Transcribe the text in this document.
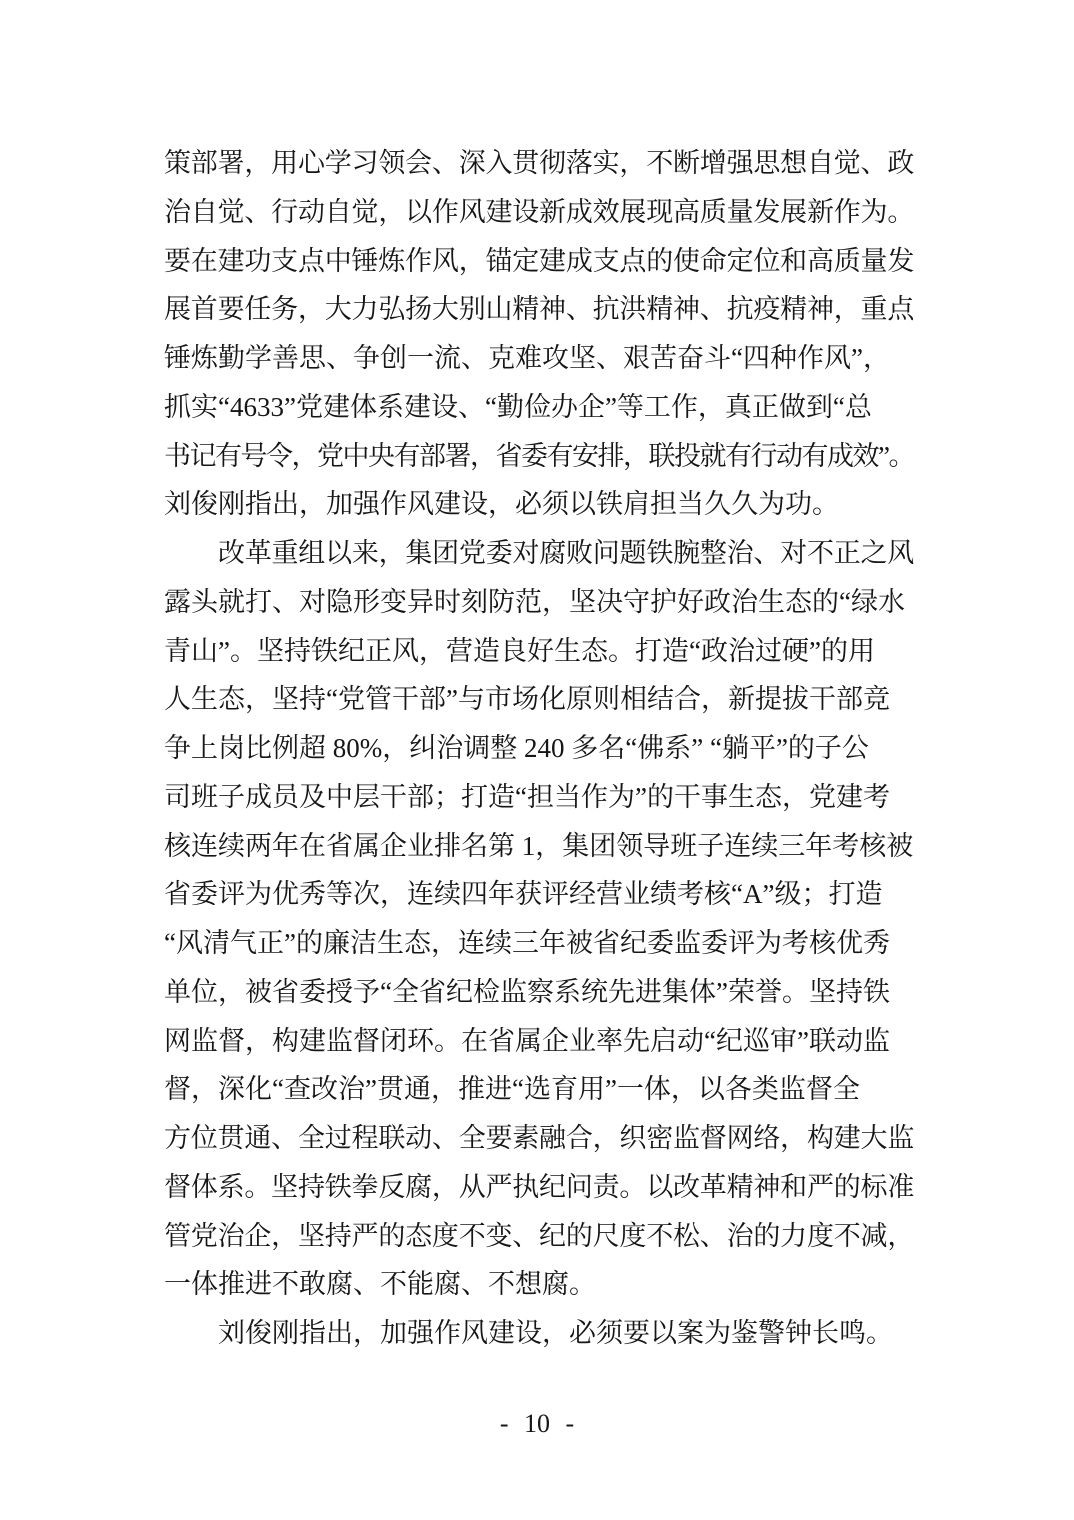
策部署，用心学习领会、深入贯彻落实，不断增强思想自觉、政
治自觉、行动自觉，以作风建设新成效展现高质量发展新作为。
要在建功支点中锤炼作风，锚定建成支点的使命定位和高质量发
展首要任务，大力弘扬大别山精神、抗洪精神、抗疫精神，重点
锤炼勤学善思、争创一流、克难攻坚、艰苦奋斗“四种作风”，
抓实“4633”党建体系建设、“勤俭办企”等工作，真正做到“总
书记有号令，党中央有部署，省委有安排，联投就有行动有成效”。
刘俊刚指出，加强作风建设，必须以铁肩担当久久为功。
改革重组以来，集团党委对腐败问题铁腕整治、对不正之风
露头就打、对隐形变异时刻防范，坚决守护好政治生态的“绿水
青山”。坚持铁纪正风，营造良好生态。打造“政治过硬”的用
人生态，坚持“党管干部”与市场化原则相结合，新提拔干部竞
争上岗比例超 80%，纠治调整 240 多名“佛系” “躺平”的子公
司班子成员及中层干部；打造“担当作为”的干事生态，党建考
核连续两年在省属企业排名第 1，集团领导班子连续三年考核被
省委评为优秀等次，连续四年获评经营业绩考核“A”级；打造
“风清气正”的廉洁生态，连续三年被省纪委监委评为考核优秀
单位，被省委授予“全省纪检监察系统先进集体”荣誉。坚持铁
网监督，构建监督闭环。在省属企业率先启动“纪巡审”联动监
督，深化“查改治”贯通，推进“选育用”一体，以各类监督全
方位贯通、全过程联动、全要素融合，织密监督网络，构建大监
督体系。坚持铁拳反腐，从严执纪问责。以改革精神和严的标准
管党治企，坚持严的态度不变、纪的尺度不松、治的力度不减，
一体推进不敢腐、不能腐、不想腐。
刘俊刚指出，加强作风建设，必须要以案为鉴警钟长鸣。
- 10 -
